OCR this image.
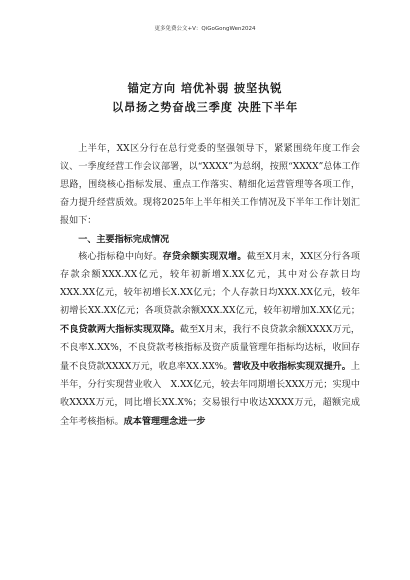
更多免费公文+V：QiGoGongWen2024
锚定方向 培优补弱 披坚执锐
以昂扬之势奋战三季度 决胜下半年

上半年，XX区分行在总行党委的坚强领导下，紧紧围绕年度工作会议、一季度经营工作会议部署，以“XXXX”为总纲，按照“XXXX”总体工作思路，围绕核心指标发展、重点工作落实、精细化运营管理等各项工作，奋力提升经营质效。现将2025年上半年相关工作情况及下半年工作计划汇报如下：

一、主要指标完成情况

核心指标稳中向好。存贷余额实现双增。截至X月末，XX区分行各项存款余额XXX.XX亿元，较年初新增X.XX亿元，其中对公存款日均XXX.XX亿元，较年初增长X.XX亿元；个人存款日均XXX.XX亿元，较年初增长XX.XX亿元；各项贷款余额XXX.XX亿元，较年初增加X.XX亿元；不良贷款两大指标实现双降。截至X月末，我行不良贷款余额XXXX万元，不良率X.XX%，不良贷款考核指标及资产质量管理年指标均达标，收回存量不良贷款XXXX万元，收息率XX.XX%。营收及中收指标实现双提升。上半年，分行实现营业收入　X.XX亿元，较去年同期增长XXX万元；实现中收XXXX万元，同比增长XX.X%；交易银行中收达XXXX万元，超额完成全年考核指标。成本管理理念进一步
